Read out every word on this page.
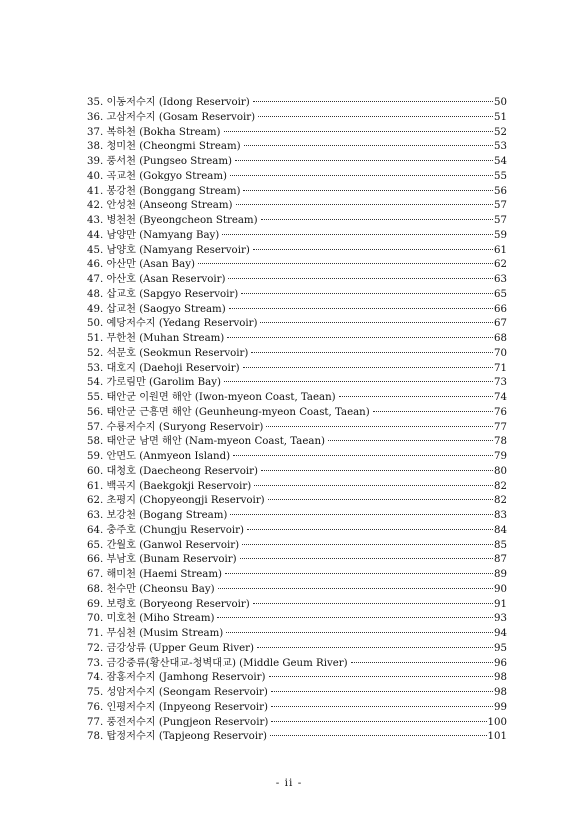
35. 이동저수지 (Idong Reservoir)	50
36. 고삼저수지 (Gosam Reservoir)	51
37. 복하천 (Bokha Stream)	52
38. 청미천 (Cheongmi Stream)	53
39. 풍서천 (Pungseo Stream)	54
40. 곡교천 (Gokgyo Stream)	55
41. 봉강천 (Bonggang Stream)	56
42. 안성천 (Anseong Stream)	57
43. 병천천 (Byeongcheon Stream)	57
44. 남양만 (Namyang Bay)	59
45. 남양호 (Namyang Reservoir)	61
46. 아산만 (Asan Bay)	62
47. 아산호 (Asan Reservoir)	63
48. 삽교호 (Sapgyo Reservoir)	65
49. 삽교천 (Saogyo Stream)	66
50. 예당저수지 (Yedang Reservoir)	67
51. 무한천 (Muhan Stream)	68
52. 석문호 (Seokmun Reservoir)	70
53. 대호지 (Daehoji Reservoir)	71
54. 가로림만 (Garolim Bay)	73
55. 태안군 이원면 해안 (Iwon-myeon Coast, Taean)	74
56. 태안군 근흥면 해안 (Geunheung-myeon Coast, Taean)	76
57. 수룡저수지 (Suryong Reservoir)	77
58. 태안군 남면 해안 (Nam-myeon Coast, Taean)	78
59. 안면도 (Anmyeon Island)	79
60. 대청호 (Daecheong Reservoir)	80
61. 백곡지 (Baekgokji Reservoir)	82
62. 초평지 (Chopyeongji Reservoir)	82
63. 보강천 (Bogang Stream)	83
64. 충주호 (Chungju Reservoir)	84
65. 간월호 (Ganwol Reservoir)	85
66. 부남호 (Bunam Reservoir)	87
67. 해미천 (Haemi Stream)	89
68. 천수만 (Cheonsu Bay)	90
69. 보령호 (Boryeong Reservoir)	91
70. 미호천 (Miho Stream)	93
71. 무심천 (Musim Stream)	94
72. 금강상류 (Upper Geum River)	95
73. 금강중류(황산대교-청벽대교) (Middle Geum River)	96
74. 잠홍저수지 (Jamhong Reservoir)	98
75. 성암저수지 (Seongam Reservoir)	98
76. 인평저수지 (Inpyeong Reservoir)	99
77. 풍전저수지 (Pungjeon Reservoir)	100
78. 탑정저수지 (Tapjeong Reservoir)	101
- ii -
